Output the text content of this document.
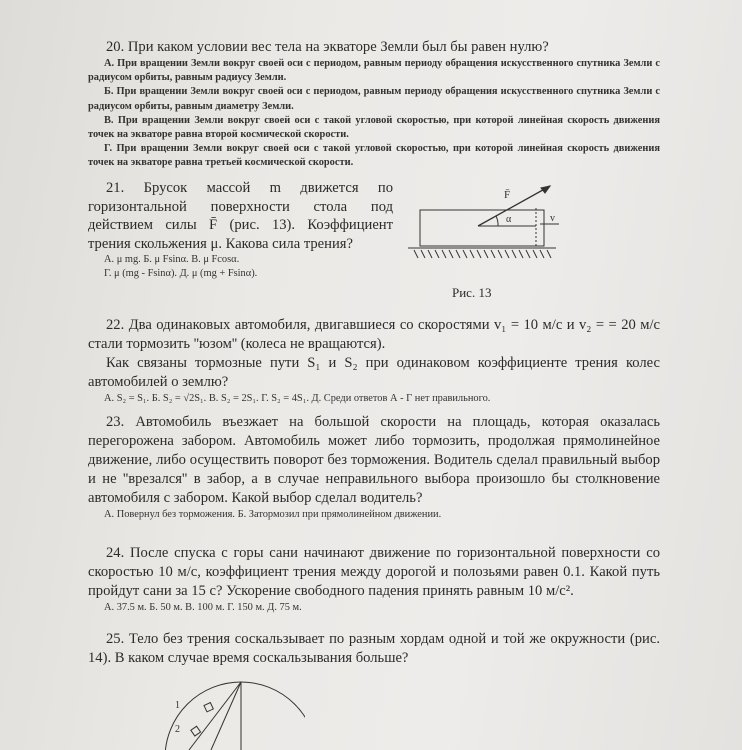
20. При каком условии вес тела на экваторе Земли был бы равен нулю?

А. При вращении Земли вокруг своей оси с периодом, равным периоду обращения искусственного спутника Земли с радиусом орбиты, равным радиусу Земли.

Б. При вращении Земли вокруг своей оси с периодом, равным периоду обращения искусственного спутника Земли с радиусом орбиты, равным диаметру Земли.

В. При вращении Земли вокруг своей оси с такой угловой скоростью, при которой линейная скорость движения точек на экваторе равна второй космической скорости.

Г. При вращении Земли вокруг своей оси с такой угловой скоростью, при которой линейная скорость движения точек на экваторе равна третьей космической скорости.

21. Брусок массой m движется по горизонтальной поверхности стола под действием силы F̄ (рис. 13). Коэффициент трения скольжения μ. Какова сила трения?

А. μ mg. Б. μ Fsinα. В. μ Fcosα.

Г. μ (mg - Fsinα). Д. μ (mg + Fsinα).

F̄
α	v
Рис. 13

22. Два одинаковых автомобиля, двигавшиеся со скоростями v₁ = 10 м/с и v₂ = = 20 м/с стали тормозить ''юзом'' (колеса не вращаются).

Как связаны тормозные пути S₁ и S₂ при одинаковом коэффициенте трения колес автомобилей о землю?

А. S₂ = S₁. Б. S₂ = √2S₁. В. S₂ = 2S₁. Г. S₂ = 4S₁. Д. Среди ответов А - Г нет правильного.

23. Автомобиль въезжает на большой скорости на площадь, которая оказалась перегорожена забором. Автомобиль может либо тормозить, продолжая прямолинейное движение, либо осуществить поворот без торможения. Водитель сделал правильный выбор и не ''врезался'' в забор, а в случае неправильного выбора произошло бы столкновение автомобиля с забором. Какой выбор сделал водитель?

А. Повернул без торможения. Б. Затормозил при прямолинейном движении.

24. После спуска с горы сани начинают движение по горизонтальной поверхности со скоростью 10 м/с, коэффициент трения между дорогой и полозьями равен 0.1. Какой путь пройдут сани за 15 с? Ускорение свободного падения принять равным 10 м/с².

А. 37.5 м. Б. 50 м. В. 100 м. Г. 150 м. Д. 75 м.

25. Тело без трения соскальзывает по разным хордам одной и той же окружности (рис. 14). В каком случае время соскальзывания больше?

1
2
